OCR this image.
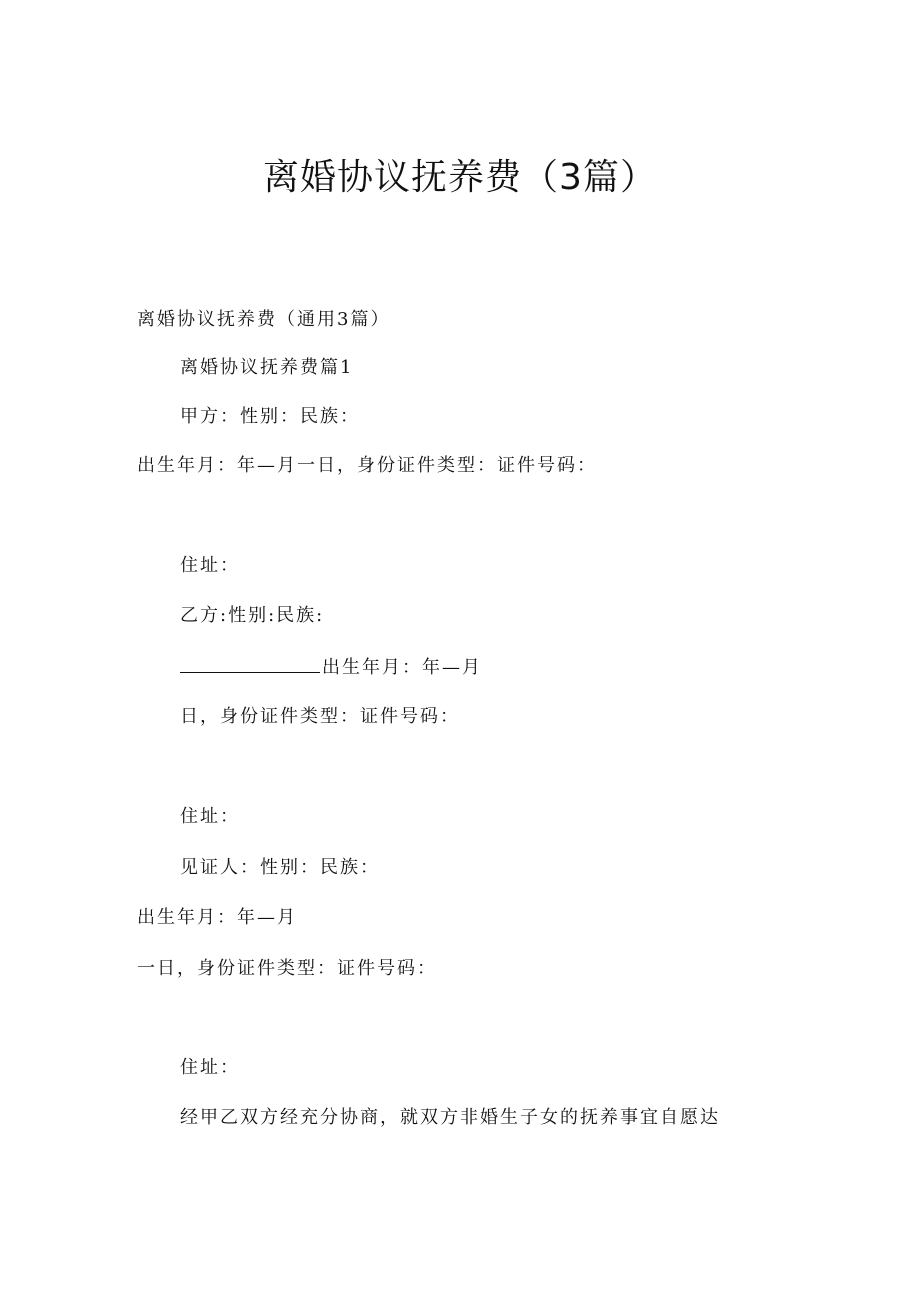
离婚协议抚养费（3篇）
离婚协议抚养费（通用3篇）
离婚协议抚养费篇1
甲方：性别：民族：
出生年月：年—月一日，身份证件类型：证件号码：
住址：
乙方:性别:民族:
出生年月：年—月
日，身份证件类型：证件号码：
住址：
见证人：性别：民族：
出生年月：年—月
一日，身份证件类型：证件号码：
住址：
经甲乙双方经充分协商，就双方非婚生子女的抚养事宜自愿达
